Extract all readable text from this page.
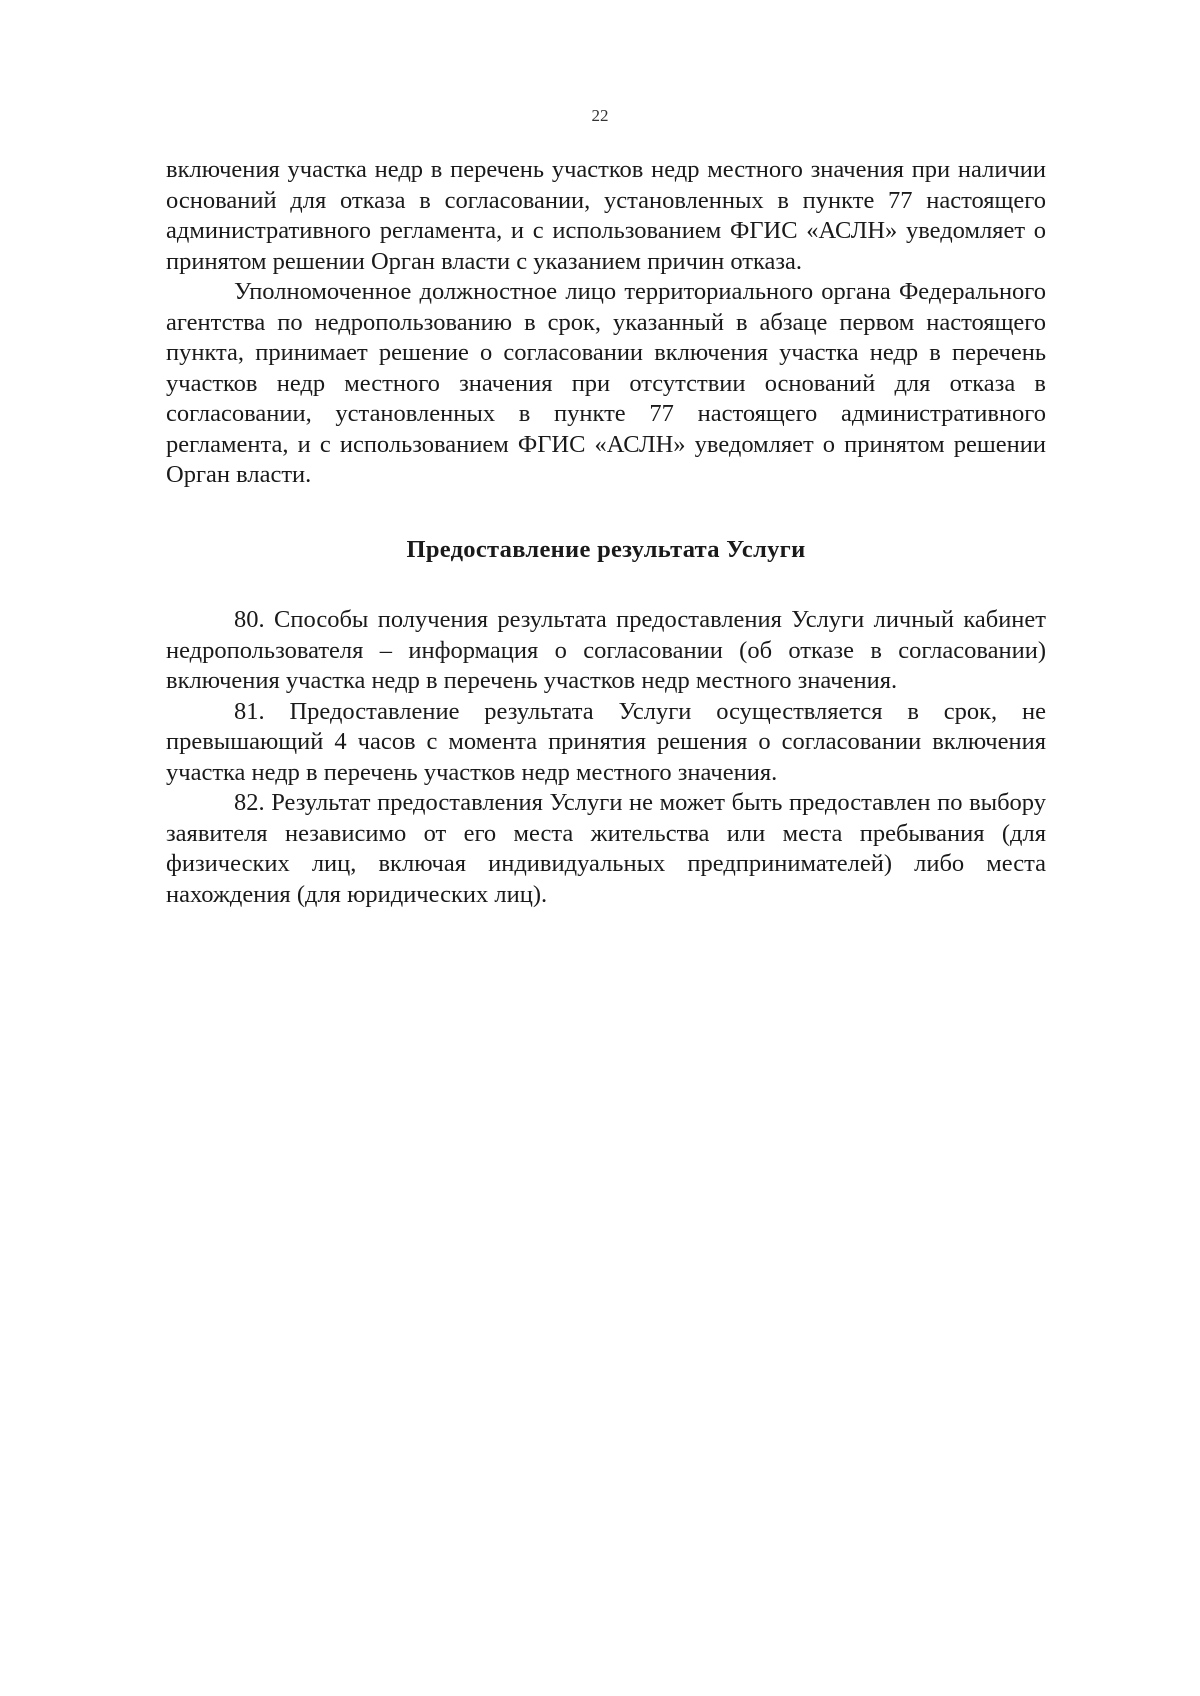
22

включения участка недр в перечень участков недр местного значения при наличии оснований для отказа в согласовании, установленных в пункте 77 настоящего административного регламента, и с использованием ФГИС «АСЛН» уведомляет о принятом решении Орган власти с указанием причин отказа.

Уполномоченное должностное лицо территориального органа Федерального агентства по недропользованию в срок, указанный в абзаце первом настоящего пункта, принимает решение о согласовании включения участка недр в перечень участков недр местного значения при отсутствии оснований для отказа в согласовании, установленных в пункте 77 настоящего административного регламента, и с использованием ФГИС «АСЛН» уведомляет о принятом решении Орган власти.

Предоставление результата Услуги

80. Способы получения результата предоставления Услуги личный кабинет недропользователя – информация о согласовании (об отказе в согласовании) включения участка недр в перечень участков недр местного значения.

81. Предоставление результата Услуги осуществляется в срок, не превышающий 4 часов с момента принятия решения о согласовании включения участка недр в перечень участков недр местного значения.

82. Результат предоставления Услуги не может быть предоставлен по выбору заявителя независимо от его места жительства или места пребывания (для физических лиц, включая индивидуальных предпринимателей) либо места нахождения (для юридических лиц).
